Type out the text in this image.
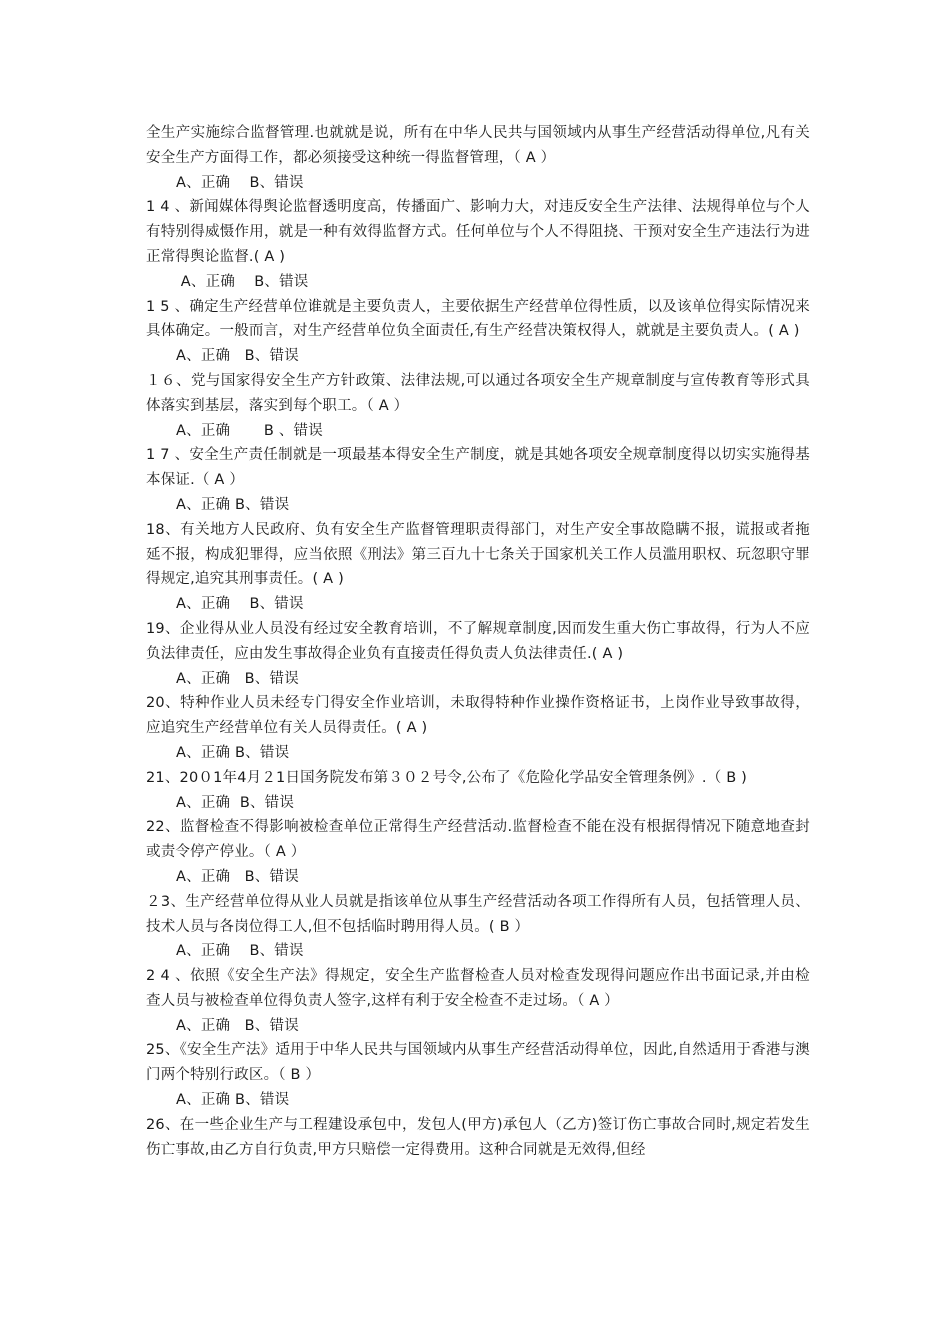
全生产实施综合监督管理.也就就是说，所有在中华人民共与国领域内从事生产经营活动得单位,凡有关安全生产方面得工作，都必须接受这种统一得监督管理，（ A ）

A、正确    B、错误

1 4 、新闻媒体得舆论监督透明度高，传播面广、影响力大，对违反安全生产法律、法规得单位与个人有特别得威慑作用，就是一种有效得监督方式。任何单位与个人不得阻挠、干预对安全生产违法行为进正常得舆论监督.( A )

A、正确    B、错误

1 5 、确定生产经营单位谁就是主要负责人，主要依据生产经营单位得性质，以及该单位得实际情况来具体确定。一般而言，对生产经营单位负全面责任,有生产经营决策权得人，就就是主要负责人。( A )

A、正确   B、错误

１６、党与国家得安全生产方针政策、法律法规,可以通过各项安全生产规章制度与宣传教育等形式具体落实到基层，落实到每个职工。（ A ）

A、正确       B 、错误

1 7 、安全生产责任制就是一项最基本得安全生产制度，就是其她各项安全规章制度得以切实实施得基本保证.（ A ）

A、正确 B、错误

18、有关地方人民政府、负有安全生产监督管理职责得部门，对生产安全事故隐瞒不报，谎报或者拖延不报，构成犯罪得，应当依照《刑法》第三百九十七条关于国家机关工作人员滥用职权、玩忽职守罪得规定,追究其刑事责任。( A )

A、正确    B、错误

19、企业得从业人员没有经过安全教育培训，不了解规章制度,因而发生重大伤亡事故得，行为人不应负法律责任，应由发生事故得企业负有直接责任得负责人负法律责任.( A )

A、正确   B、错误

20、特种作业人员未经专门得安全作业培训，未取得特种作业操作资格证书，上岗作业导致事故得，应追究生产经营单位有关人员得责任。( A )

A、正确 B、错误

21、20０1年4月２1日国务院发布第３０２号令,公布了《危险化学品安全管理条例》.（ B )

A、正确  B、错误

22、监督检查不得影响被检查单位正常得生产经营活动.监督检查不能在没有根据得情况下随意地查封或责令停产停业。（ A ）

A、正确   B、错误

２3、生产经营单位得从业人员就是指该单位从事生产经营活动各项工作得所有人员，包括管理人员、技术人员与各岗位得工人,但不包括临时聘用得人员。( B ）

A、正确    B、错误

2 4 、依照《安全生产法》得规定，安全生产监督检查人员对检查发现得问题应作出书面记录,并由检查人员与被检查单位得负责人签字,这样有利于安全检查不走过场。（ A ）

A、正确   B、错误

25、《安全生产法》适用于中华人民共与国领域内从事生产经营活动得单位，因此,自然适用于香港与澳门两个特别行政区。（ B ）

A、正确 B、错误

26、在一些企业生产与工程建设承包中，发包人(甲方)承包人（乙方)签订伤亡事故合同时,规定若发生伤亡事故,由乙方自行负责,甲方只赔偿一定得费用。这种合同就是无效得,但经
